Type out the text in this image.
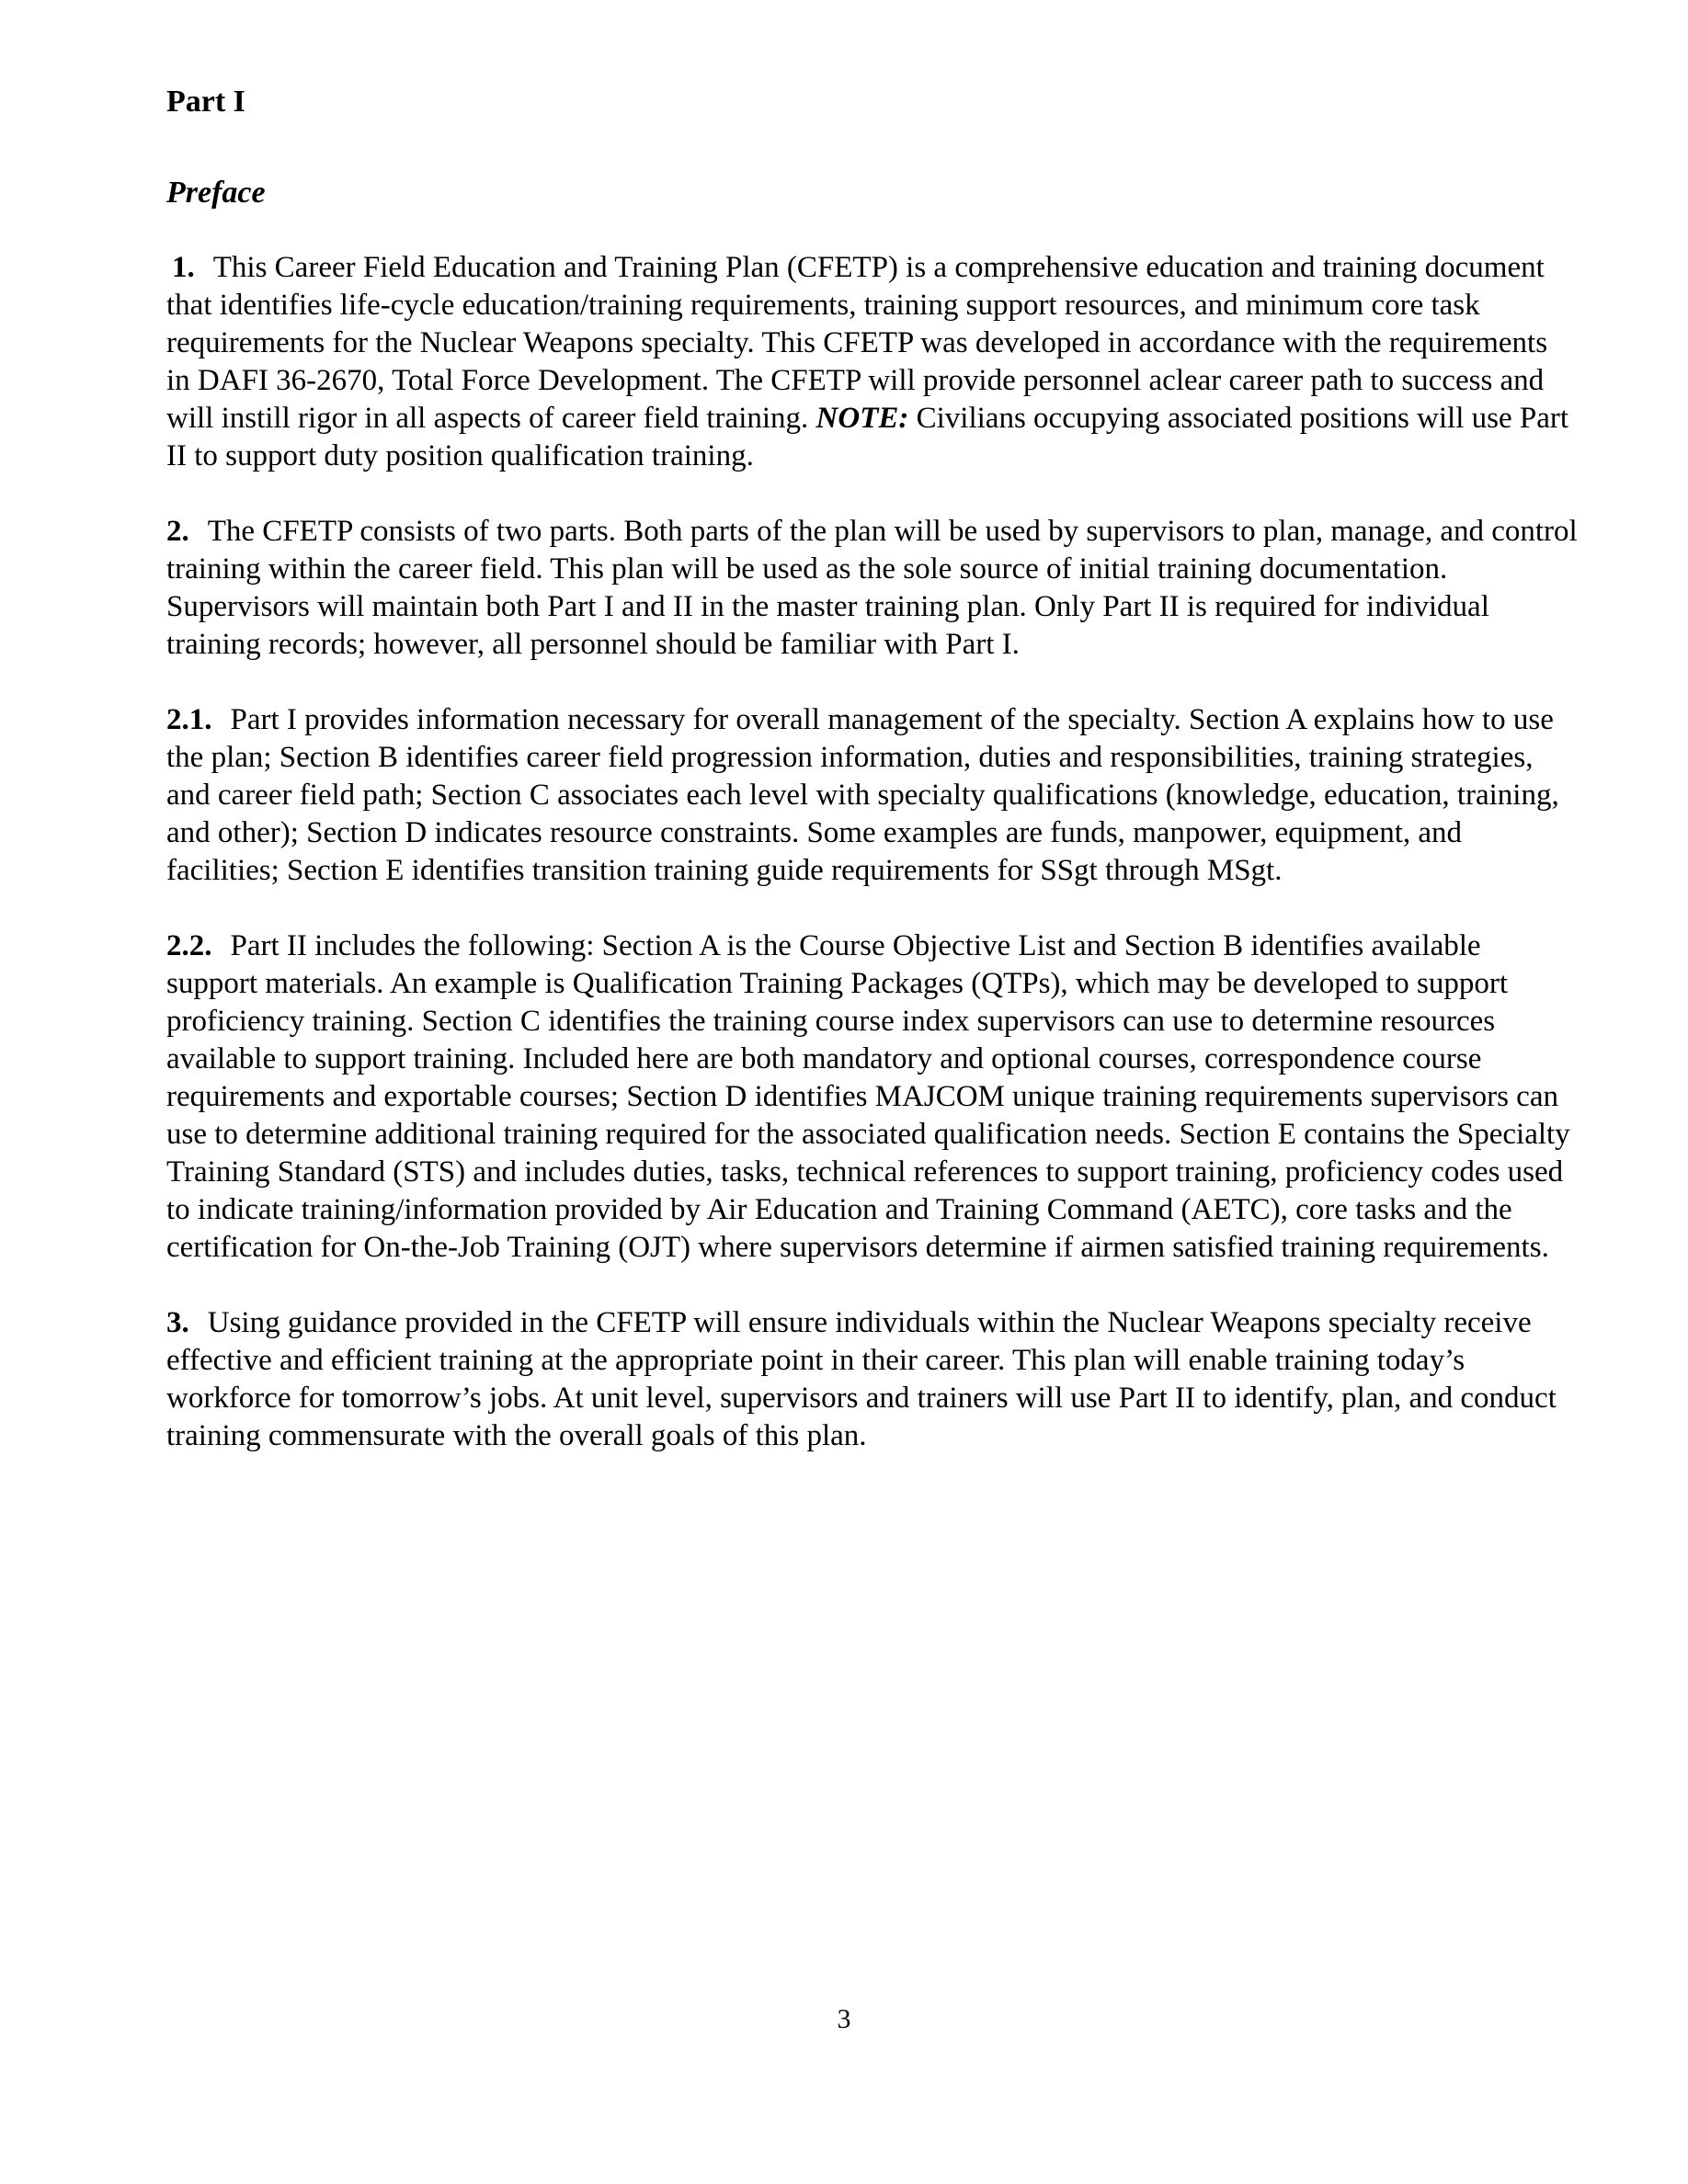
Part I
Preface

1. This Career Field Education and Training Plan (CFETP) is a comprehensive education and training document that identifies life-cycle education/training requirements, training support resources, and minimum core task requirements for the Nuclear Weapons specialty. This CFETP was developed in accordance with the requirements in DAFI 36-2670, Total Force Development. The CFETP will provide personnel aclear career path to success and will instill rigor in all aspects of career field training. NOTE: Civilians occupying associated positions will use Part II to support duty position qualification training.

2. The CFETP consists of two parts. Both parts of the plan will be used by supervisors to plan, manage, and control training within the career field. This plan will be used as the sole source of initial training documentation. Supervisors will maintain both Part I and II in the master training plan. Only Part II is required for individual training records; however, all personnel should be familiar with Part I.

2.1. Part I provides information necessary for overall management of the specialty. Section A explains how to use the plan; Section B identifies career field progression information, duties and responsibilities, training strategies, and career field path; Section C associates each level with specialty qualifications (knowledge, education, training, and other); Section D indicates resource constraints. Some examples are funds, manpower, equipment, and facilities; Section E identifies transition training guide requirements for SSgt through MSgt.

2.2. Part II includes the following: Section A is the Course Objective List and Section B identifies available support materials. An example is Qualification Training Packages (QTPs), which may be developed to support proficiency training. Section C identifies the training course index supervisors can use to determine resources available to support training. Included here are both mandatory and optional courses, correspondence course requirements and exportable courses; Section D identifies MAJCOM unique training requirements supervisors can use to determine additional training required for the associated qualification needs. Section E contains the Specialty Training Standard (STS) and includes duties, tasks, technical references to support training, proficiency codes used to indicate training/information provided by Air Education and Training Command (AETC), core tasks and the certification for On-the-Job Training (OJT) where supervisors determine if airmen satisfied training requirements.

3. Using guidance provided in the CFETP will ensure individuals within the Nuclear Weapons specialty receive effective and efficient training at the appropriate point in their career. This plan will enable training today’s workforce for tomorrow’s jobs. At unit level, supervisors and trainers will use Part II to identify, plan, and conduct training commensurate with the overall goals of this plan.

3
